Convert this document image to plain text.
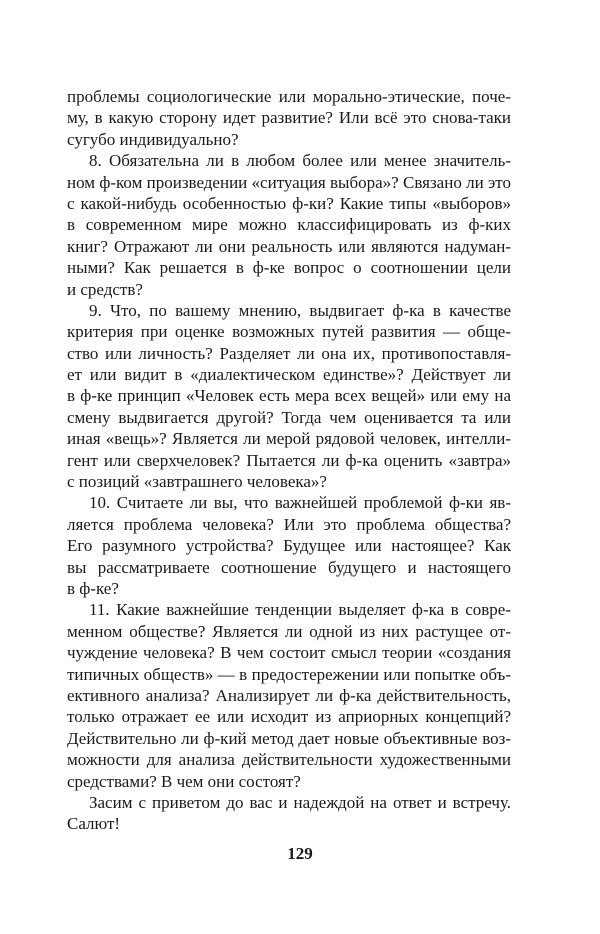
проблемы социологические или морально-этические, поче-
му, в какую сторону идет развитие? Или всё это снова-таки
сугубо индивидуально?
8. Обязательна ли в любом более или менее значитель-
ном ф-ком произведении «ситуация выбора»? Связано ли это
с какой-нибудь особенностью ф-ки? Какие типы «выборов»
в современном мире можно классифицировать из ф-ких
книг? Отражают ли они реальность или являются надуман-
ными? Как решается в ф-ке вопрос о соотношении цели
и средств?
9. Что, по вашему мнению, выдвигает ф-ка в качестве
критерия при оценке возможных путей развития — обще-
ство или личность? Разделяет ли она их, противопоставля-
ет или видит в «диалектическом единстве»? Действует ли
в ф-ке принцип «Человек есть мера всех вещей» или ему на
смену выдвигается другой? Тогда чем оценивается та или
иная «вещь»? Является ли мерой рядовой человек, интелли-
гент или сверхчеловек? Пытается ли ф-ка оценить «завтра»
с позиций «завтрашнего человека»?
10. Считаете ли вы, что важнейшей проблемой ф-ки яв-
ляется проблема человека? Или это проблема общества?
Его разумного устройства? Будущее или настоящее? Как
вы рассматриваете соотношение будущего и настоящего
в ф-ке?
11. Какие важнейшие тенденции выделяет ф-ка в совре-
менном обществе? Является ли одной из них растущее от-
чуждение человека? В чем состоит смысл теории «создания
типичных обществ» — в предостережении или попытке объ-
ективного анализа? Анализирует ли ф-ка действительность,
только отражает ее или исходит из априорных концепций?
Действительно ли ф-кий метод дает новые объективные воз-
можности для анализа действительности художественными
средствами? В чем они состоят?
Засим с приветом до вас и надеждой на ответ и встречу.
Салют!
129
